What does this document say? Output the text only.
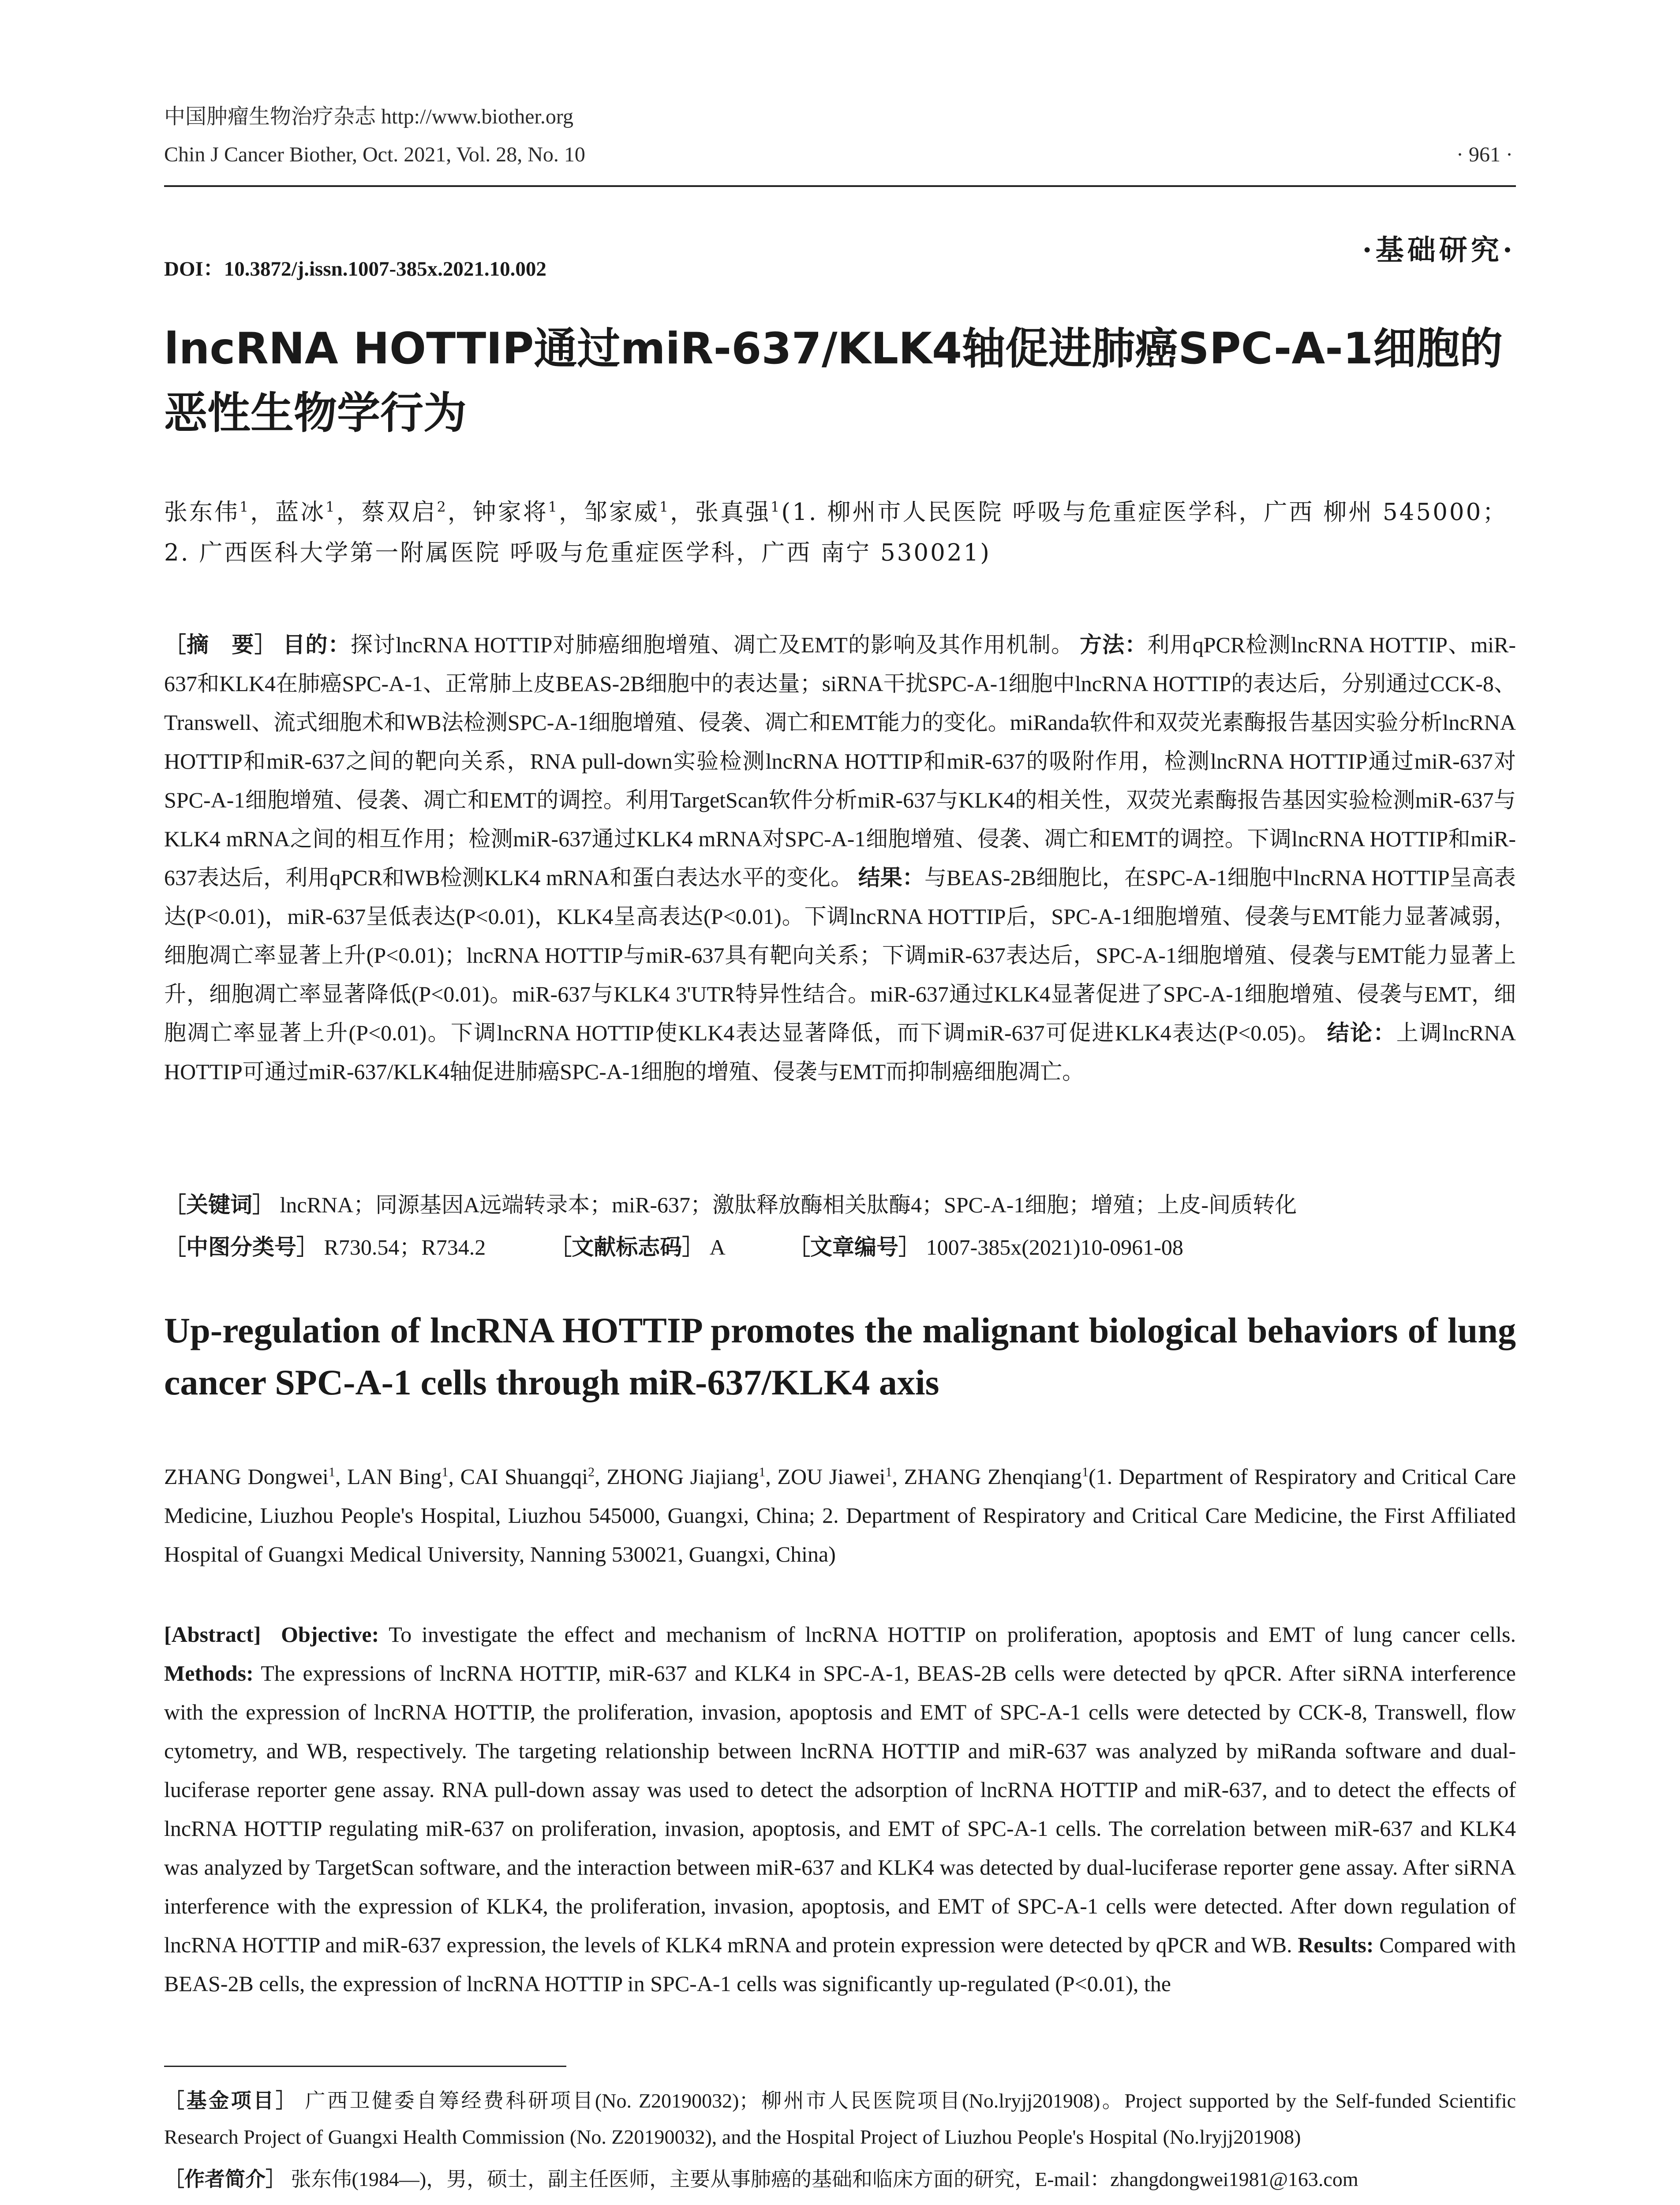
中国肿瘤生物治疗杂志 http://www.biother.org
Chin J Cancer Biother, Oct. 2021, Vol. 28, No. 10	· 961 ·
DOI：10.3872/j.issn.1007-385x.2021.10.002
·基础研究·
lncRNA HOTTIP通过miR-637/KLK4轴促进肺癌SPC-A-1细胞的恶性生物学行为
张东伟$^1$，蓝冰$^1$，蔡双启$^2$，钟家将$^1$，邹家威$^1$，张真强$^1$(1. 柳州市人民医院 呼吸与危重症医学科，广西 柳州 545000；2. 广西医科大学第一附属医院 呼吸与危重症医学科，广西 南宁 530021)
［摘　要］ 目的：探讨lncRNA HOTTIP对肺癌细胞增殖、凋亡及EMT的影响及其作用机制。 方法：利用qPCR检测lncRNA HOTTIP、miR-637和KLK4在肺癌SPC-A-1、正常肺上皮BEAS-2B细胞中的表达量；siRNA干扰SPC-A-1细胞中lncRNA HOTTIP的表达后，分别通过CCK-8、Transwell、流式细胞术和WB法检测SPC-A-1细胞增殖、侵袭、凋亡和EMT能力的变化。miRanda软件和双荧光素酶报告基因实验分析lncRNA HOTTIP和miR-637之间的靶向关系，RNA pull-down实验检测lncRNA HOTTIP和miR-637的吸附作用，检测lncRNA HOTTIP通过miR-637对SPC-A-1细胞增殖、侵袭、凋亡和EMT的调控。利用TargetScan软件分析miR-637与KLK4的相关性，双荧光素酶报告基因实验检测miR-637与KLK4 mRNA之间的相互作用；检测miR-637通过KLK4 mRNA对SPC-A-1细胞增殖、侵袭、凋亡和EMT的调控。下调lncRNA HOTTIP和miR-637表达后，利用qPCR和WB检测KLK4 mRNA和蛋白表达水平的变化。 结果：与BEAS-2B细胞比，在SPC-A-1细胞中lncRNA HOTTIP呈高表达(P<0.01)，miR-637呈低表达(P<0.01)，KLK4呈高表达(P<0.01)。下调lncRNA HOTTIP后，SPC-A-1细胞增殖、侵袭与EMT能力显著减弱，细胞凋亡率显著上升(P<0.01)；lncRNA HOTTIP与miR-637具有靶向关系；下调miR-637表达后，SPC-A-1细胞增殖、侵袭与EMT能力显著上升，细胞凋亡率显著降低(P<0.01)。miR-637与KLK4 3'UTR特异性结合。miR-637通过KLK4显著促进了SPC-A-1细胞增殖、侵袭与EMT，细胞凋亡率显著上升(P<0.01)。下调lncRNA HOTTIP使KLK4表达显著降低，而下调miR-637可促进KLK4表达(P<0.05)。 结论：上调lncRNA HOTTIP可通过miR-637/KLK4轴促进肺癌SPC-A-1细胞的增殖、侵袭与EMT而抑制癌细胞凋亡。
［关键词］ lncRNA；同源基因A远端转录本；miR-637；激肽释放酶相关肽酶4；SPC-A-1细胞；增殖；上皮-间质转化
［中图分类号］ R730.54；R734.2	［文献标志码］ A	［文章编号］ 1007-385x(2021)10-0961-08
Up-regulation of lncRNA HOTTIP promotes the malignant biological behaviors of lung cancer SPC-A-1 cells through miR-637/KLK4 axis
ZHANG Dongwei$^1$, LAN Bing$^1$, CAI Shuangqi$^2$, ZHONG Jiajiang$^1$, ZOU Jiawei$^1$, ZHANG Zhenqiang$^1$(1. Department of Respiratory and Critical Care Medicine, Liuzhou People's Hospital, Liuzhou 545000, Guangxi, China; 2. Department of Respiratory and Critical Care Medicine, the First Affiliated Hospital of Guangxi Medical University, Nanning 530021, Guangxi, China)
[Abstract] Objective: To investigate the effect and mechanism of lncRNA HOTTIP on proliferation, apoptosis and EMT of lung cancer cells. Methods: The expressions of lncRNA HOTTIP, miR-637 and KLK4 in SPC-A-1, BEAS-2B cells were detected by qPCR. After siRNA interference with the expression of lncRNA HOTTIP, the proliferation, invasion, apoptosis and EMT of SPC-A-1 cells were detected by CCK-8, Transwell, flow cytometry, and WB, respectively. The targeting relationship between lncRNA HOTTIP and miR-637 was analyzed by miRanda software and dual-luciferase reporter gene assay. RNA pull-down assay was used to detect the adsorption of lncRNA HOTTIP and miR-637, and to detect the effects of lncRNA HOTTIP regulating miR-637 on proliferation, invasion, apoptosis, and EMT of SPC-A-1 cells. The correlation between miR-637 and KLK4 was analyzed by TargetScan software, and the interaction between miR-637 and KLK4 was detected by dual-luciferase reporter gene assay. After siRNA interference with the expression of KLK4, the proliferation, invasion, apoptosis, and EMT of SPC-A-1 cells were detected. After down regulation of lncRNA HOTTIP and miR-637 expression, the levels of KLK4 mRNA and protein expression were detected by qPCR and WB. Results: Compared with BEAS-2B cells, the expression of lncRNA HOTTIP in SPC-A-1 cells was significantly up-regulated (P<0.01), the
［基金项目］ 广西卫健委自筹经费科研项目(No. Z20190032)；柳州市人民医院项目(No.lryjj201908)。Project supported by the Self-funded Scientific Research Project of Guangxi Health Commission (No. Z20190032), and the Hospital Project of Liuzhou People's Hospital (No.lryjj201908)
［作者简介］ 张东伟(1984—)，男，硕士，副主任医师，主要从事肺癌的基础和临床方面的研究，E-mail：zhangdongwei1981@163.com
